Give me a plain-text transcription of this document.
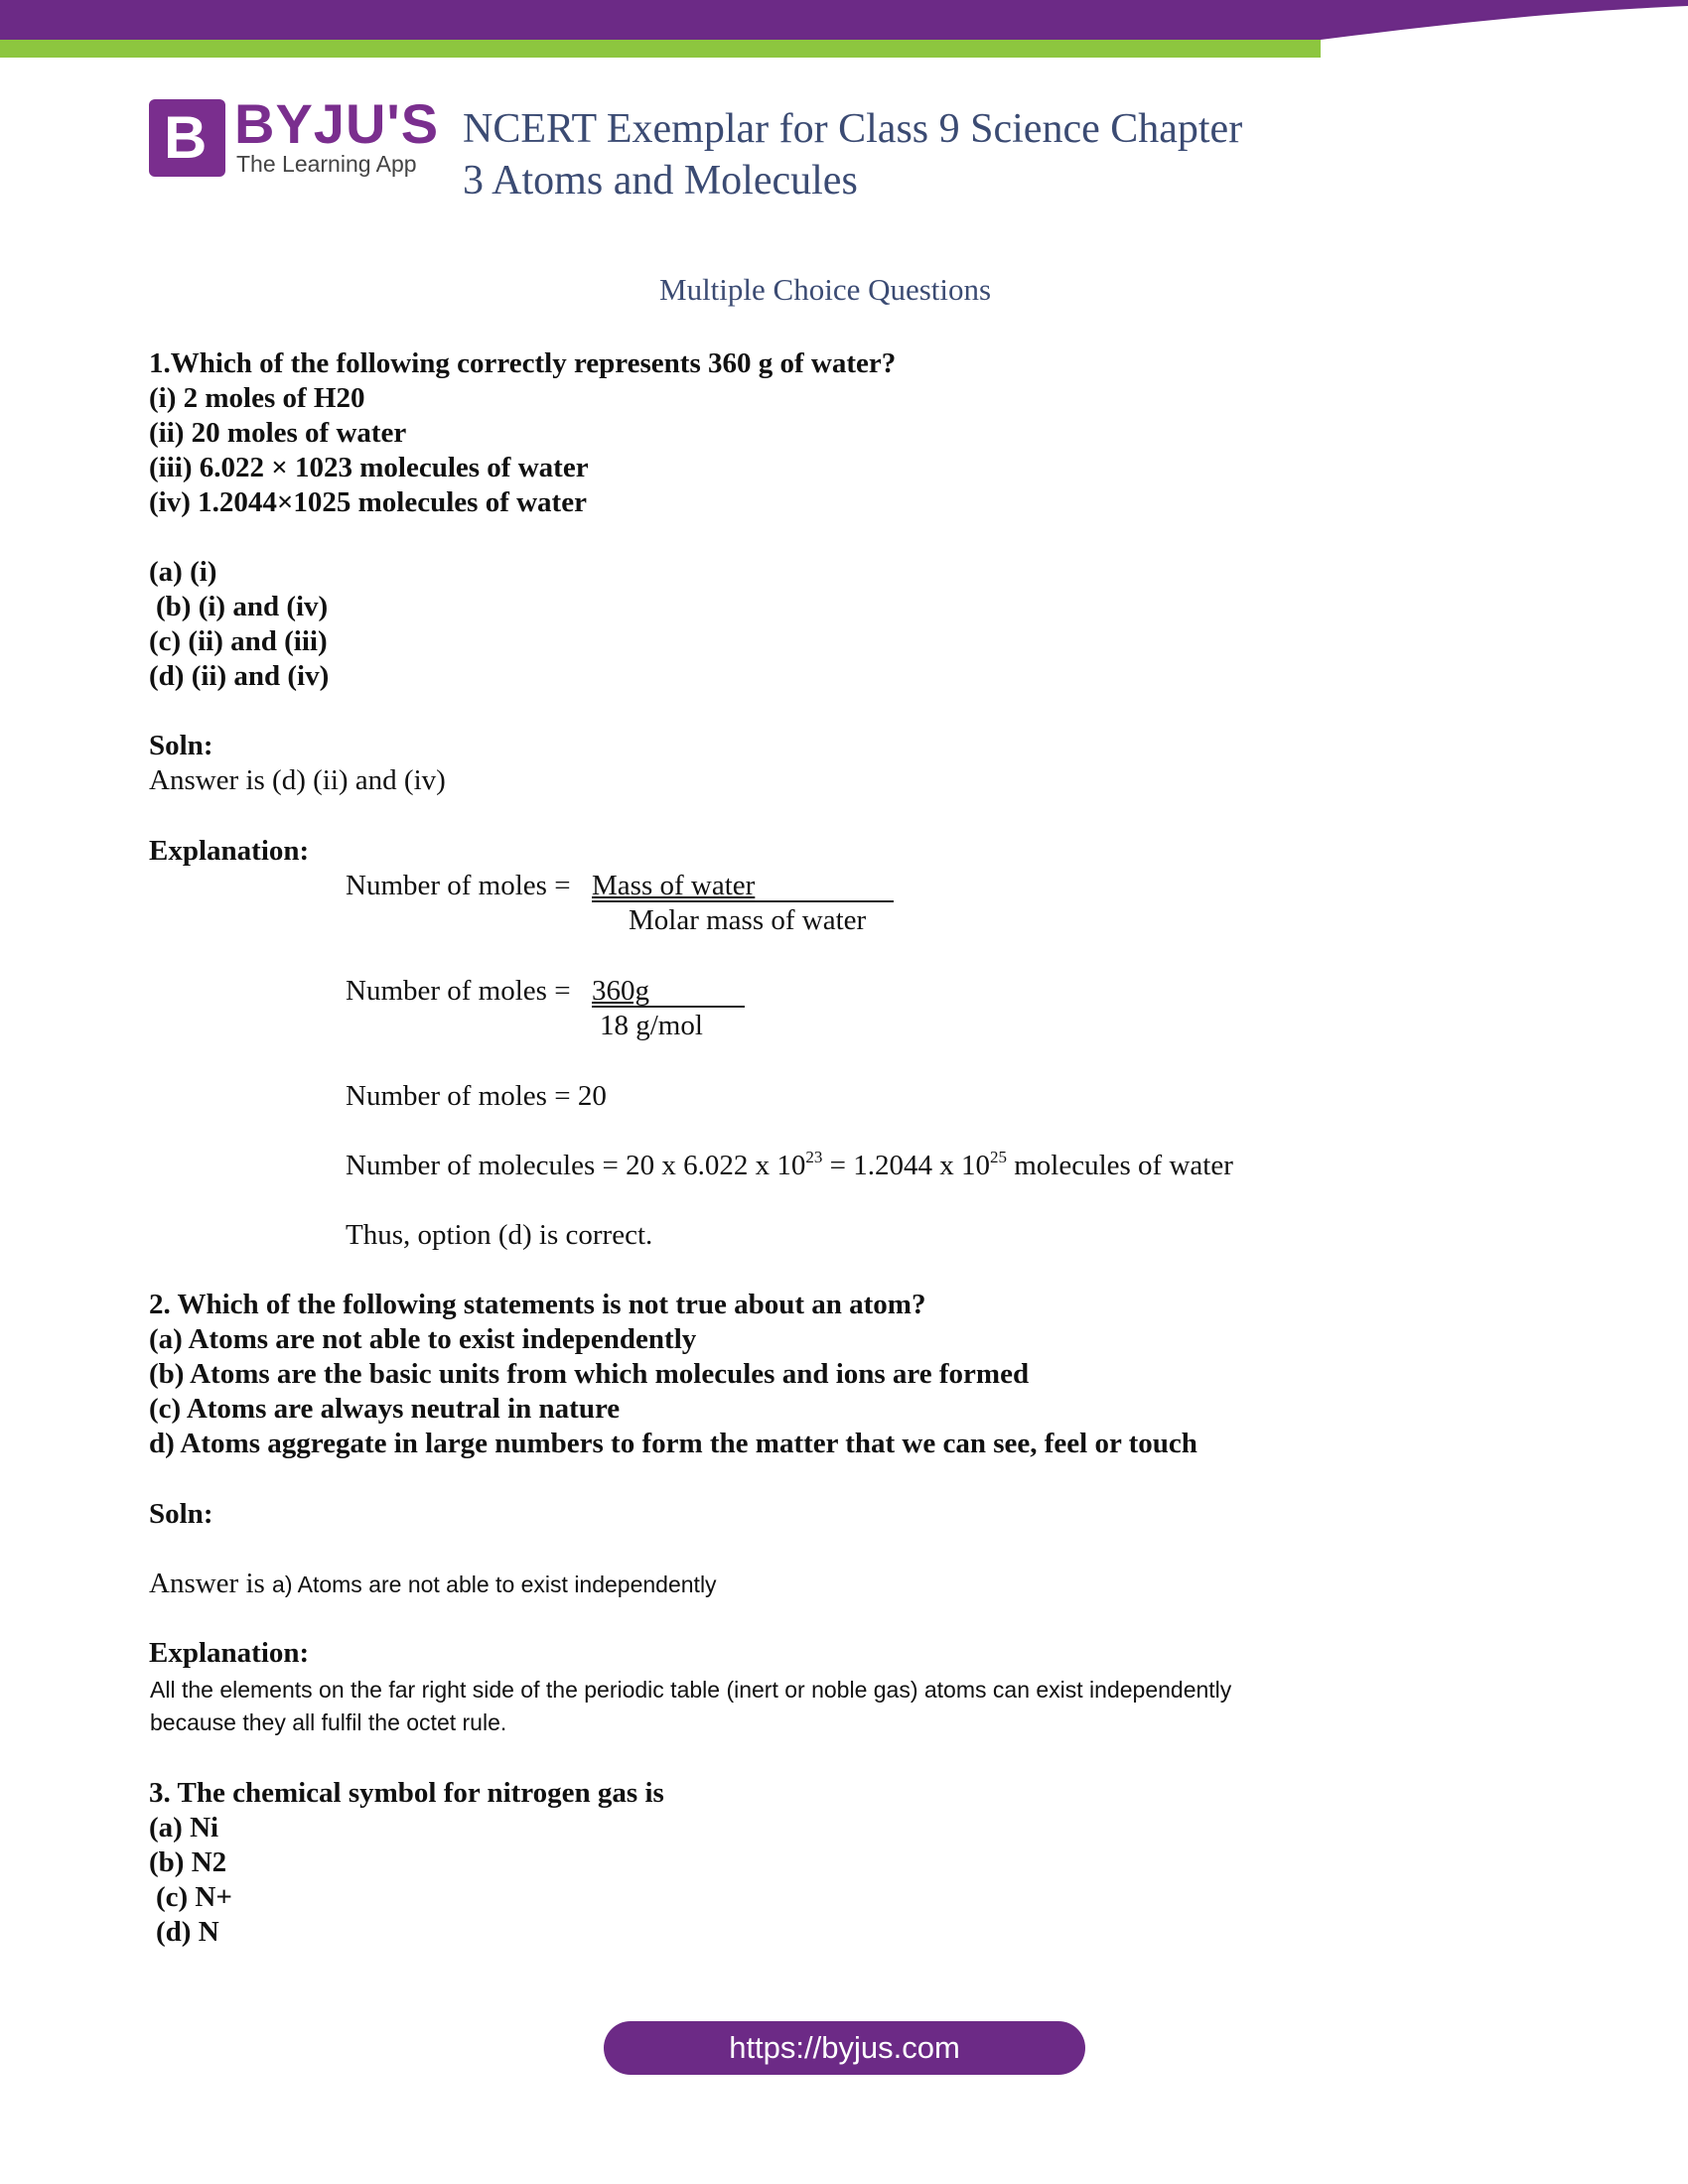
B BYJU'S
The Learning App
NCERT Exemplar for Class 9 Science Chapter
3 Atoms and Molecules
Multiple Choice Questions
1.Which of the following correctly represents 360 g of water?
(i) 2 moles of H20
(ii) 20 moles of water
(iii) 6.022 × 1023 molecules of water
(iv) 1.2044×1025 molecules of water
(a) (i)
(b) (i) and (iv)
(c) (ii) and (iii)
(d) (ii) and (iv)
Soln:
Answer is (d) (ii) and (iv)
Explanation:
Number of moles = Mass of water
Molar mass of water
Number of moles = 360g
18 g/mol
Number of moles = 20
Number of molecules = 20 x 6.022 x $10^{23} = 1.2044$ x $10^{25}$ molecules of water
Thus, option (d) is correct.
2. Which of the following statements is not true about an atom?
(a) Atoms are not able to exist independently
(b) Atoms are the basic units from which molecules and ions are formed
(c) Atoms are always neutral in nature
d) Atoms aggregate in large numbers to form the matter that we can see, feel or touch
Soln:
Answer is a) Atoms are not able to exist independently
Explanation:
All the elements on the far right side of the periodic table (inert or noble gas) atoms can exist independently
because they all fulfil the octet rule.
3. The chemical symbol for nitrogen gas is
(a) Ni
(b) N2
(c) N+
(d) N
https://byjus.com
